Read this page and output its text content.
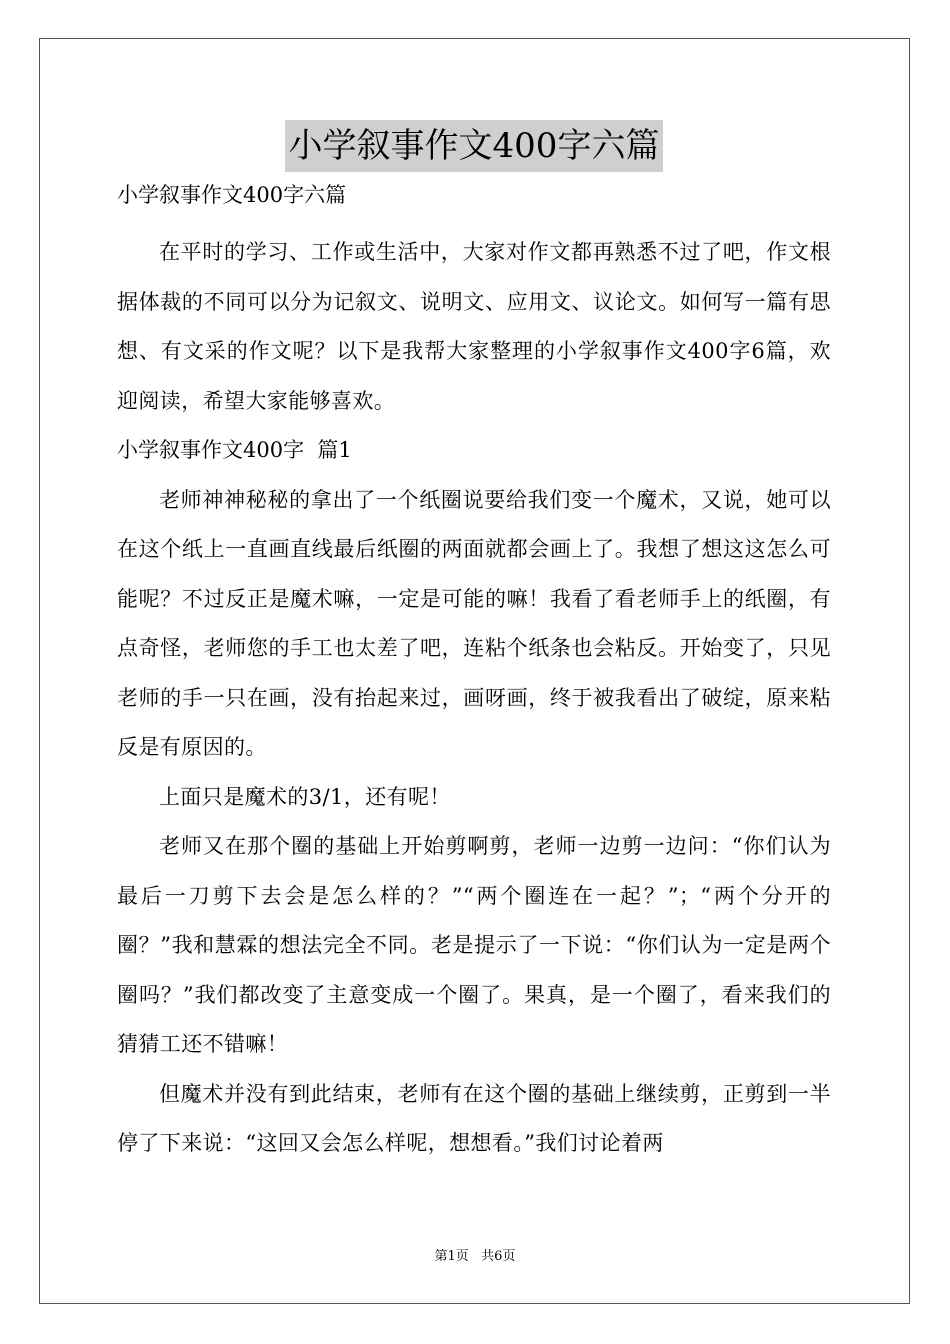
小学叙事作文400字六篇

小学叙事作文400字六篇

在平时的学习、工作或生活中，大家对作文都再熟悉不过了吧，作文根据体裁的不同可以分为记叙文、说明文、应用文、议论文。如何写一篇有思想、有文采的作文呢？以下是我帮大家整理的小学叙事作文400字6篇，欢迎阅读，希望大家能够喜欢。

小学叙事作文400字  篇1

老师神神秘秘的拿出了一个纸圈说要给我们变一个魔术，又说，她可以在这个纸上一直画直线最后纸圈的两面就都会画上了。我想了想这这怎么可能呢？不过反正是魔术嘛，一定是可能的嘛！我看了看老师手上的纸圈，有点奇怪，老师您的手工也太差了吧，连粘个纸条也会粘反。开始变了，只见老师的手一只在画，没有抬起来过，画呀画，终于被我看出了破绽，原来粘反是有原因的。

上面只是魔术的3/1，还有呢！

老师又在那个圈的基础上开始剪啊剪，老师一边剪一边问：“你们认为最后一刀剪下去会是怎么样的？”“两个圈连在一起？”；“两个分开的圈？”我和慧霖的想法完全不同。老是提示了一下说：“你们认为一定是两个圈吗？”我们都改变了主意变成一个圈了。果真，是一个圈了，看来我们的猜猜工还不错嘛！

但魔术并没有到此结束，老师有在这个圈的基础上继续剪，正剪到一半停了下来说：“这回又会怎么样呢，想想看。”我们讨论着两

第1页   共6页
